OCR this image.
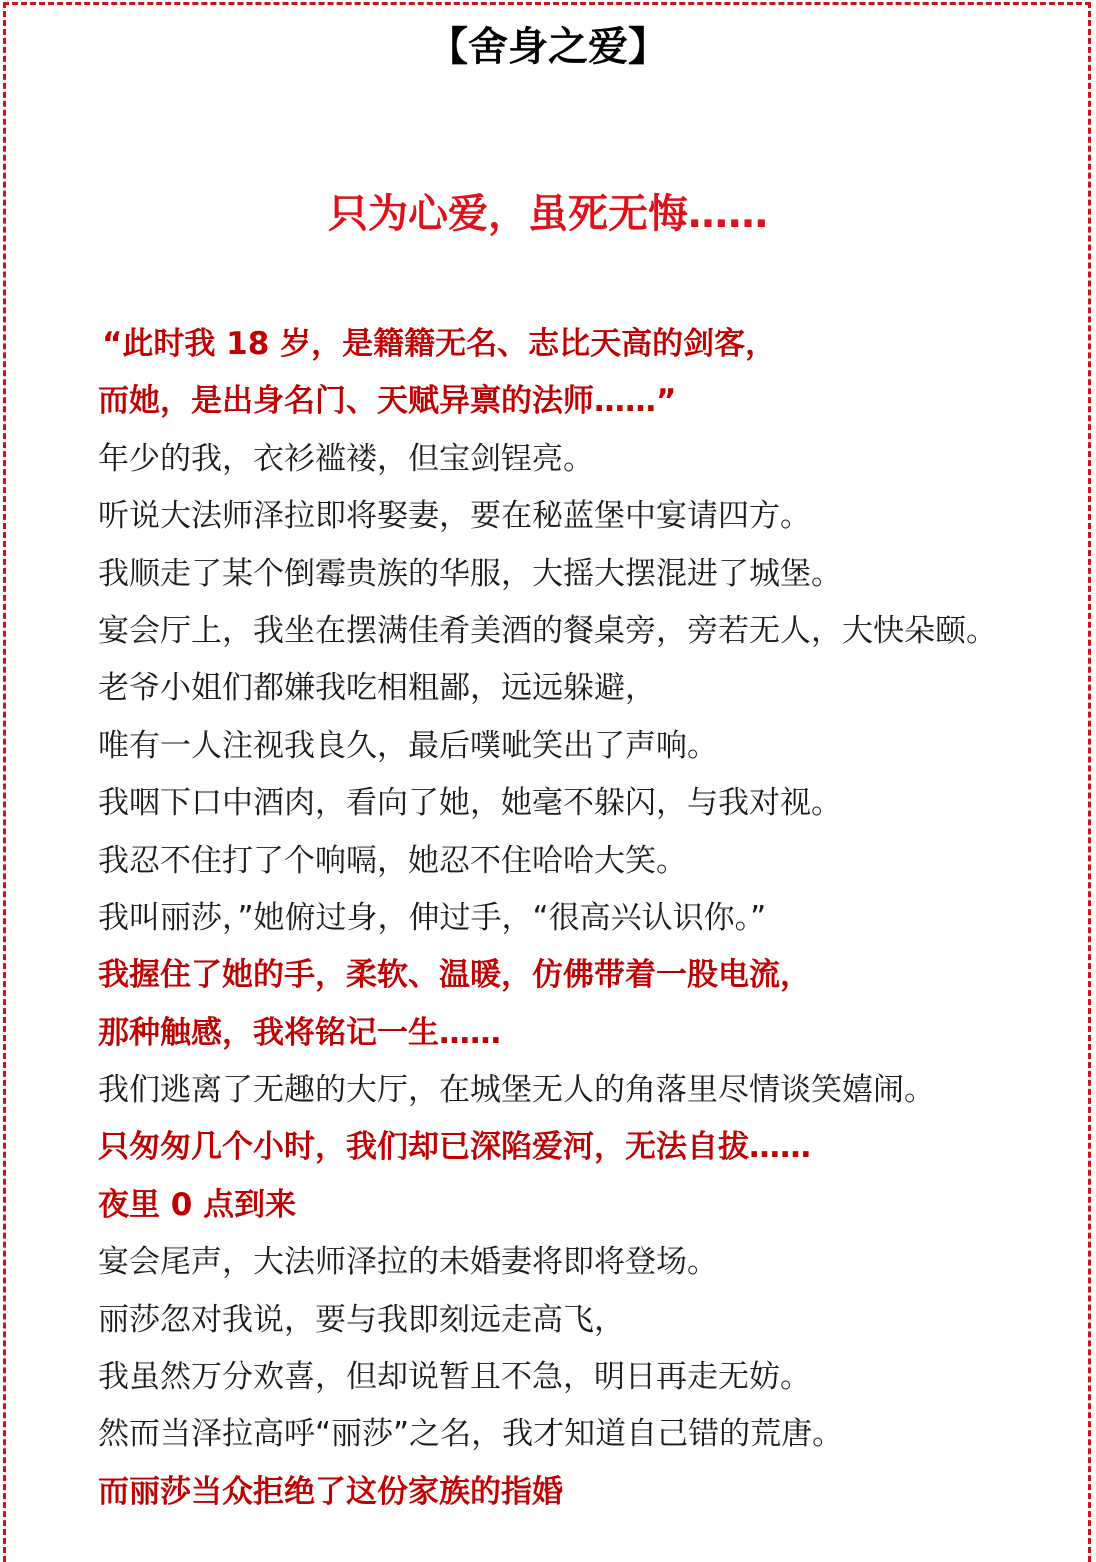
【舍身之爱】
只为心爱，虽死无悔……
“此时我 18 岁，是籍籍无名、志比天高的剑客，
而她，是出身名门、天赋异禀的法师……”
年少的我，衣衫褴褛，但宝剑锃亮。
听说大法师泽拉即将娶妻，要在秘蓝堡中宴请四方。
我顺走了某个倒霉贵族的华服，大摇大摆混进了城堡。
宴会厅上，我坐在摆满佳肴美酒的餐桌旁，旁若无人，大快朵颐。
老爷小姐们都嫌我吃相粗鄙，远远躲避，
唯有一人注视我良久，最后噗呲笑出了声响。
我咽下口中酒肉，看向了她，她毫不躲闪，与我对视。
我忍不住打了个响嗝，她忍不住哈哈大笑。
我叫丽莎，”她俯过身，伸过手，“很高兴认识你。”
我握住了她的手，柔软、温暖，仿佛带着一股电流，
那种触感，我将铭记一生……
我们逃离了无趣的大厅，在城堡无人的角落里尽情谈笑嬉闹。
只匆匆几个小时，我们却已深陷爱河，无法自拔……
夜里 0 点到来
宴会尾声，大法师泽拉的未婚妻将即将登场。
丽莎忽对我说，要与我即刻远走高飞，
我虽然万分欢喜，但却说暂且不急，明日再走无妨。
然而当泽拉高呼“丽莎”之名，我才知道自己错的荒唐。
而丽莎当众拒绝了这份家族的指婚
